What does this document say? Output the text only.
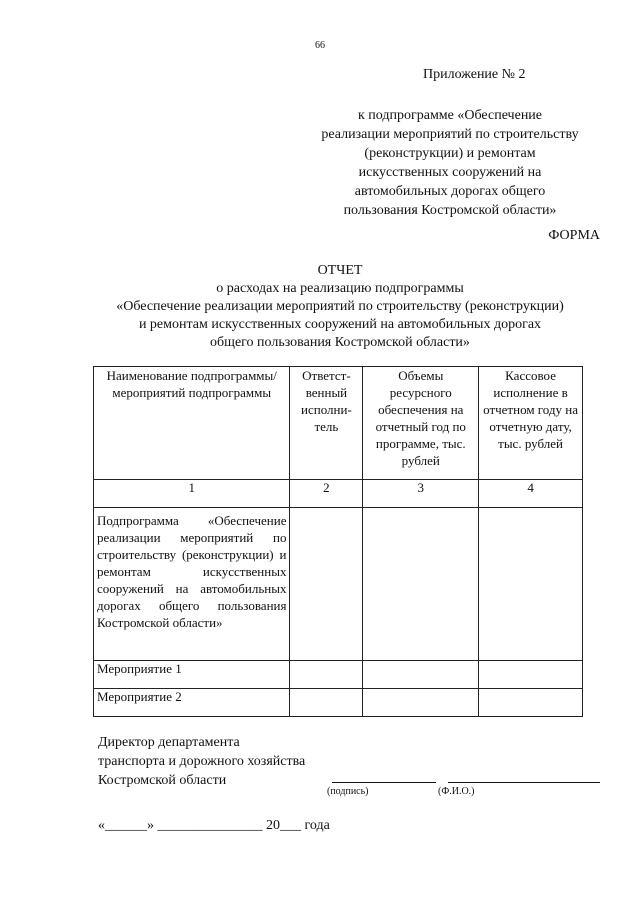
66
Приложение № 2
к подпрограмме «Обеспечение
реализации мероприятий по строительству
(реконструкции) и ремонтам
искусственных сооружений на
автомобильных дорогах общего
пользования Костромской области»
ФОРМА
ОТЧЕТ
о расходах на реализацию подпрограммы
«Обеспечение реализации мероприятий по строительству (реконструкции)
и ремонтам искусственных сооружений на автомобильных дорогах
общего пользования Костромской области»
Наименование подпрограммы/мероприятий подпрограммы	Ответст-венный исполни-тель	Объемы ресурсного обеспечения на отчетный год по программе, тыс. рублей	Кассовое исполнение в отчетном году на отчетную дату, тыс. рублей
1	2	3	4
Подпрограмма «Обеспечение реализации мероприятий по строительству (реконструкции) и ремонтам искусственных сооружений на автомобильных дорогах общего пользования Костромской области»			
Мероприятие 1			
Мероприятие 2			
Директор департамента
транспорта и дорожного хозяйства
Костромской области
(подпись)	(Ф.И.О.)
«______» _______________ 20___ года
